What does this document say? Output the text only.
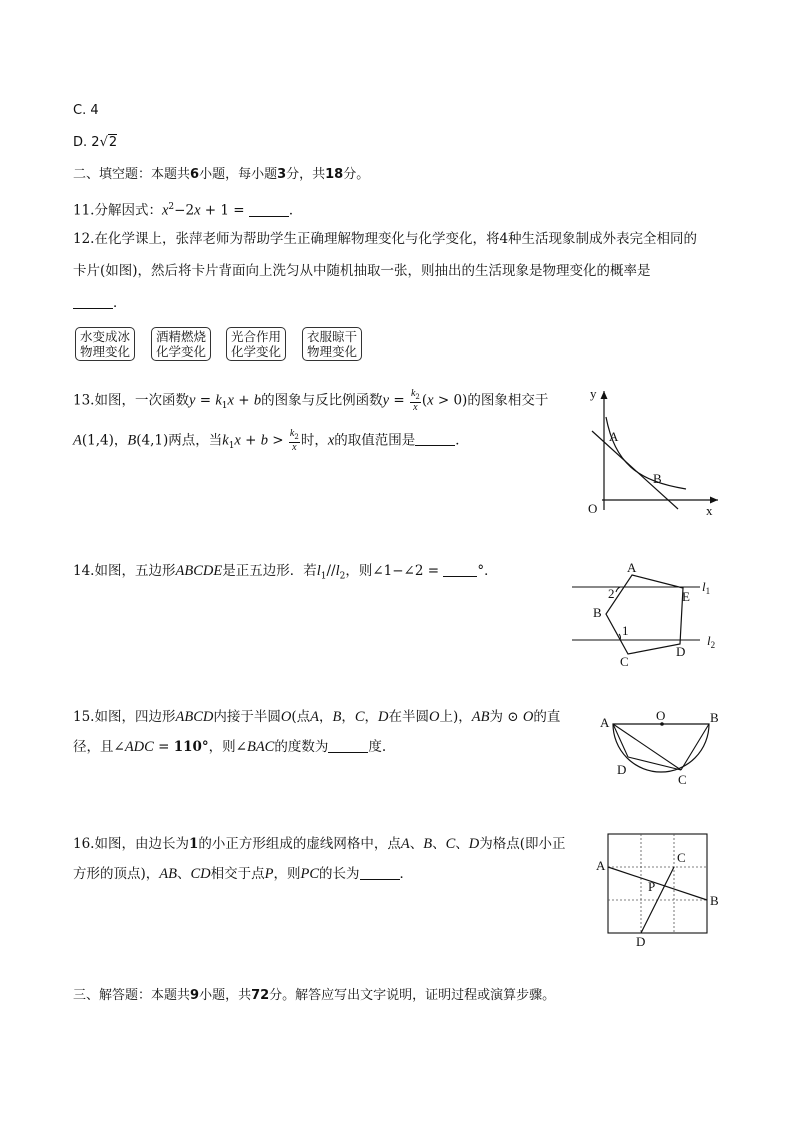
C. 4
D. 2√2
二、填空题：本题共6小题，每小题3分，共18分。
11.分解因式：$x^2-2x + 1$ =	．
12.在化学课上，张萍老师为帮助学生正确理解物理变化与化学变化，将4种生活现象制成外表完全相同的
卡片(如图)，然后将卡片背面向上洗匀从中随机抽取一张，则抽出的生活现象是物理变化的概率是
．
水变成冰
物理变化
酒精燃烧
化学变化
光合作用
化学变化
衣服晾干
物理变化
13.如图，一次函数$y = k_1x + b$的图象与反比例函数$y = \frac{k_2}{x} (x > 0)$的图象相交于
A(1,4)，B(4,1)两点，当$k_1x + b > \frac{k_2}{x}$ 时，x的取值范围是	．
y
x
O
A
B
14.如图，五边形ABCDE是正五边形．若$l_1//l_2$，则∠1−∠2 =	°．	A
B
C
D
E
2
1
$l_1$
$l_2$
15.如图，四边形ABCD内接于半圆O(点A，B，C，D在半圆O上)，AB为 ⊙ O的直
径，且∠ADC = 110°，则∠BAC的度数为	度.
A	O	B
D
C
16.如图，由边长为1的小正方形组成的虚线网格中，点A、B、C、D为格点(即小正
方形的顶点)，AB、CD相交于点P，则PC的长为	．
A
B
C
D
P
三、解答题：本题共9小题，共72分。解答应写出文字说明，证明过程或演算步骤。
